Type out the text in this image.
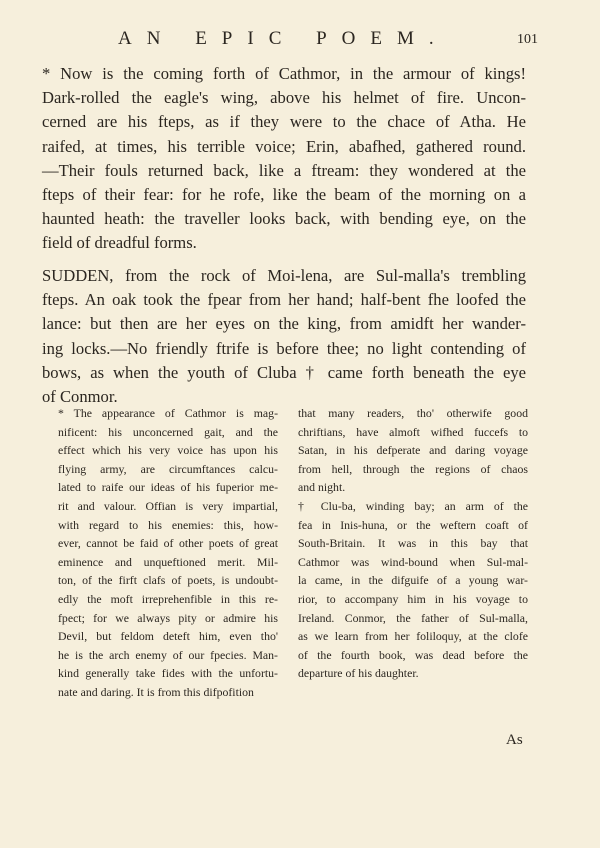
AN EPIC POEM.	101
* Now is the coming forth of Cathmor, in the armour of kings!
Dark-rolled the eagle's wing, above his helmet of fire. Uncon-
cerned are his fteps, as if they were to the chace of Atha. He
raifed, at times, his terrible voice; Erin, abafhed, gathered round.
—Their fouls returned back, like a ftream: they wondered at the
fteps of their fear: for he rofe, like the beam of the morning on a
haunted heath: the traveller looks back, with bending eye, on the
field of dreadful forms.
SUDDEN, from the rock of Moi-lena, are Sul-malla's trembling
fteps. An oak took the fpear from her hand; half-bent fhe loofed the
lance: but then are her eyes on the king, from amidft her wander-
ing locks.—No friendly ftrife is before thee; no light contending of
bows, as when the youth of Cluba † came forth beneath the eye
of Conmor.
* The appearance of Cathmor is mag-
nificent: his unconcerned gait, and the
effect which his very voice has upon his
flying army, are circumftances calcu-
lated to raife our ideas of his fuperior me-
rit and valour. Offian is very impartial,
with regard to his enemies: this, how-
ever, cannot be faid of other poets of great
eminence and unqueftioned merit. Mil-
ton, of the firft clafs of poets, is undoubt-
edly the moft irreprehenfible in this re-
fpect; for we always pity or admire his
Devil, but feldom deteft him, even tho'
he is the arch enemy of our fpecies. Man-
kind generally take fides with the unfortu-
nate and daring. It is from this difpofition
that many readers, tho' otherwife good
chriftians, have almoft wifhed fuccefs to
Satan, in his defperate and daring voyage
from hell, through the regions of chaos
and night.
† Clu-ba, winding bay; an arm of the
fea in Inis-huna, or the weftern coaft of
South-Britain. It was in this bay that
Cathmor was wind-bound when Sul-mal-
la came, in the difguife of a young war-
rior, to accompany him in his voyage to
Ireland. Conmor, the father of Sul-malla,
as we learn from her foliloquy, at the clofe
of the fourth book, was dead before the
departure of his daughter.
As
